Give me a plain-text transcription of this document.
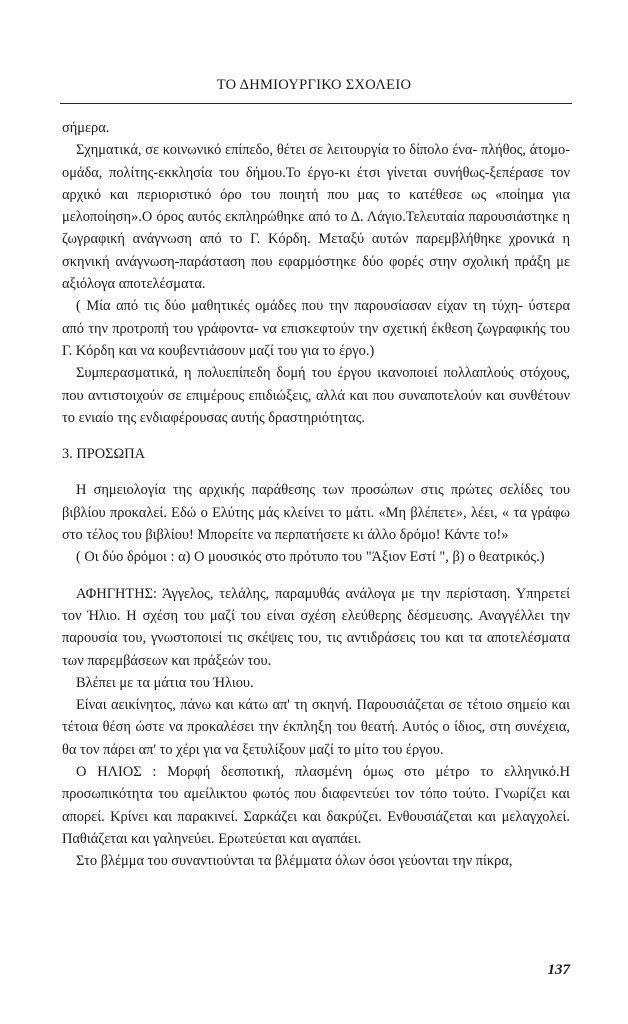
ΤΟ ΔΗΜΙΟΥΡΓΙΚΟ ΣΧΟΛΕΙΟ

σήμερα.

Σχηματικά, σε κοινωνικό επίπεδο, θέτει σε λειτουργία το δίπολο ένα- πλήθος, άτομο-ομάδα, πολίτης-εκκλησία του δήμου.Το έργο-κι έτσι γίνεται συνήθως-ξεπέρασε τον αρχικό και περιοριστικό όρο του ποιητή που μας το κατέθεσε ως «ποίημα για μελοποίηση».Ο όρος αυτός εκπληρώθηκε από το Δ. Λάγιο.Τελευταία παρουσιάστηκε η ζωγραφική ανάγνωση από το Γ. Κόρδη. Μεταξύ αυτών παρεμβλήθηκε χρονικά η σκηνική ανάγνωση-παράσταση που εφαρμόστηκε δύο φορές στην σχολική πράξη με αξιόλογα αποτελέσματα.

( Μία από τις δύο μαθητικές ομάδες που την παρουσίασαν είχαν τη τύχη- ύστερα από την προτροπή του γράφοντα- να επισκεφτούν την σχετική έκθεση ζωγραφικής του Γ. Κόρδη και να κουβεντιάσουν μαζί του για το έργο.)

Συμπερασματικά, η πολυεπίπεδη δομή του έργου ικανοποιεί πολλαπλούς στόχους, που αντιστοιχούν σε επιμέρους επιδιώξεις, αλλά και που συναποτελούν και συνθέτουν το ενιαίο της ενδιαφέρουσας αυτής δραστηριότητας.

3. ΠΡΟΣΩΠΑ

Η σημειολογία της αρχικής παράθεσης των προσώπων στις πρώτες σελίδες του βιβλίου προκαλεί. Εδώ ο Ελύτης μάς κλείνει το μάτι. «Μη βλέπετε», λέει, « τα γράφω στο τέλος του βιβλίου! Μπορείτε να περπατήσετε κι άλλο δρόμο! Κάντε το!»

( Οι δύο δρόμοι : α) Ο μουσικός στο πρότυπο του "Άξιον Εστί ", β) ο θεατρικός.)

ΑΦΗΓΗΤΗΣ: Άγγελος, τελάλης, παραμυθάς ανάλογα με την περίσταση. Υπηρετεί τον Ήλιο. Η σχέση του μαζί του είναι σχέση ελεύθερης δέσμευσης. Αναγγέλλει την παρουσία του, γνωστοποιεί τις σκέψεις του, τις αντιδράσεις του και τα αποτελέσματα των παρεμβάσεων και πράξεών του.

Βλέπει με τα μάτια του Ήλιου.

Είναι αεικίνητος, πάνω και κάτω απ' τη σκηνή. Παρουσιάζεται σε τέτοιο σημείο και τέτοια θέση ώστε να προκαλέσει την έκπληξη του θεατή. Αυτός ο ίδιος, στη συνέχεια, θα τον πάρει απ' το χέρι για να ξετυλίξουν μαζί το μίτο του έργου.

Ο ΗΛΙΟΣ : Μορφή δεσποτική, πλασμένη όμως στο μέτρο το ελληνικό.Η προσωπικότητα του αμείλικτου φωτός που διαφεντεύει τον τόπο τούτο. Γνωρίζει και απορεί. Κρίνει και παρακινεί. Σαρκάζει και δακρύζει. Ενθουσιάζεται και μελαγχολεί. Παθιάζεται και γαληνεύει. Ερωτεύεται και αγαπάει.

Στο βλέμμα του συναντιούνται τα βλέμματα όλων όσοι γεύονται την πίκρα,

137
